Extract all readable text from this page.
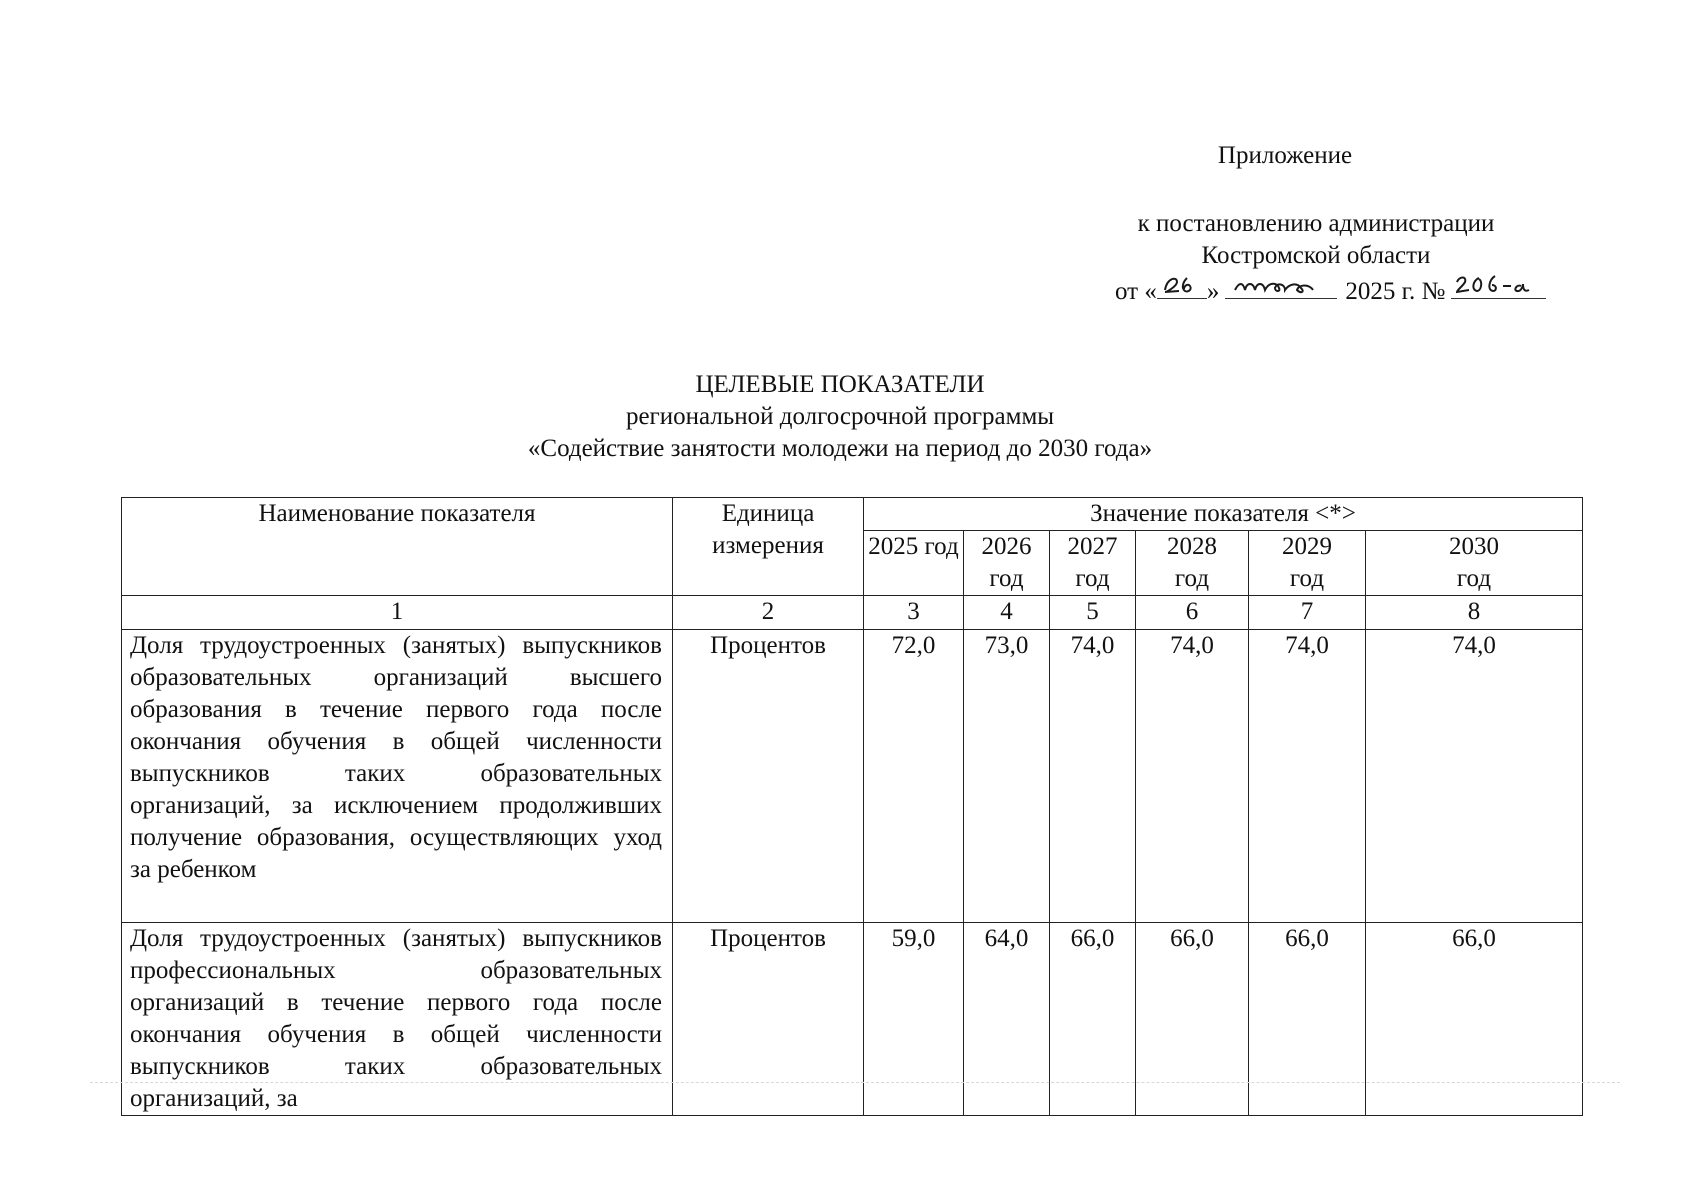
Приложение
к постановлению администрации
Костромской области
от « »	2025 г. №
ЦЕЛЕВЫЕ ПОКАЗАТЕЛИ
региональной долгосрочной программы
«Содействие занятости молодежи на период до 2030 года»
Наименование показателя	Единица измерения	Значение показателя <*>					
		2025 год	2026 год	2027 год	2028 год	2029 год	2030 год
1	2	3	4	5	6	7	8
Доля трудоустроенных (занятых) выпускников образовательных организаций высшего образования в течение первого года после окончания обучения в общей численности выпускников таких образовательных организаций, за исключением продолживших получение образования, осуществляющих уход за ребенком	Процентов	72,0	73,0	74,0	74,0	74,0	74,0

Доля трудоустроенных (занятых) выпускников профессиональных образовательных организаций в течение первого года после окончания обучения в общей численности выпускников таких образовательных организаций, за	Процентов	59,0	64,0	66,0	66,0	66,0	66,0
